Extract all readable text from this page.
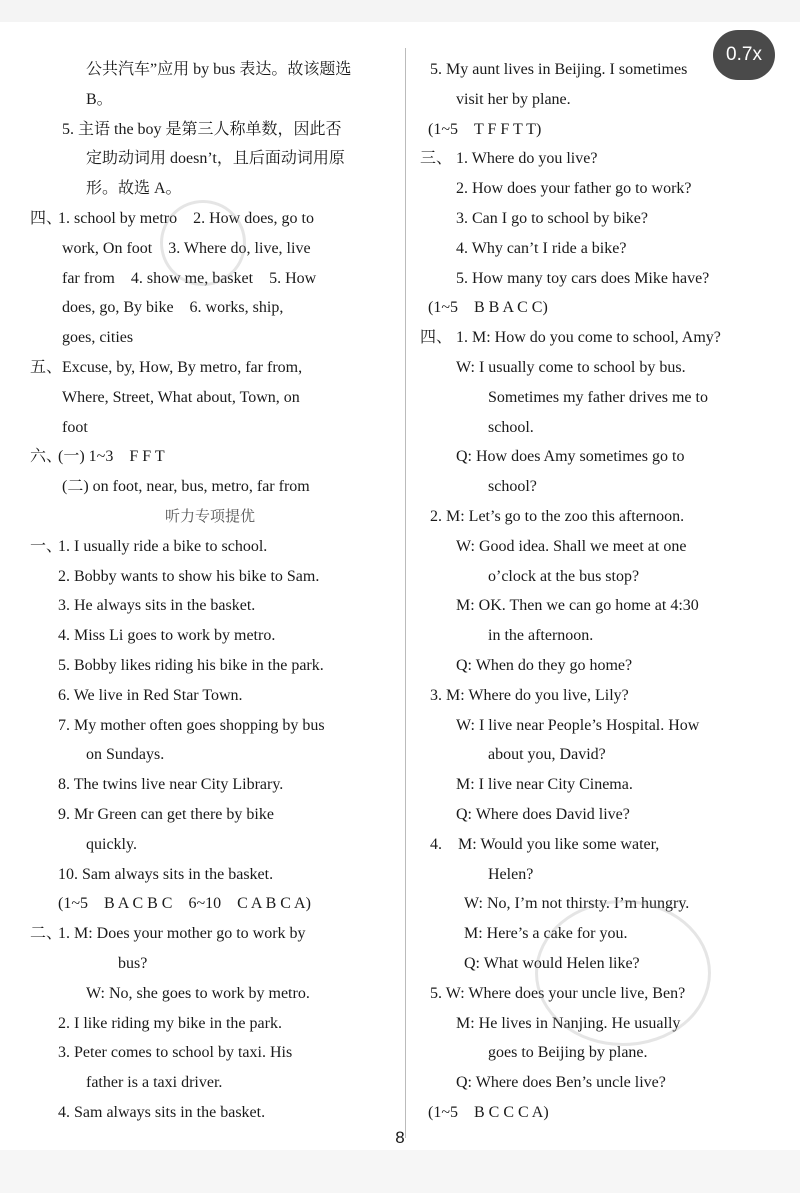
0.7x
公共汽车”应用 by bus 表达。故该题选
B。
5. 主语 the boy 是第三人称单数，因此否
定助动词用 doesn’t，且后面动词用原
形。故选 A。
四、
1. school by metro　2. How does, go to
work, On foot　3. Where do, live, live
far from　4. show me, basket　5. How
does, go, By bike　6. works, ship,
goes, cities
五、 Excuse, by, How, By metro, far from,
Where, Street, What about, Town, on
foot
六、
(一) 1~3　F F T
(二) on foot, near, bus, metro, far from
听力专项提优
一、
1. I usually ride a bike to school.
2. Bobby wants to show his bike to Sam.
3. He always sits in the basket.
4. Miss Li goes to work by metro.
5. Bobby likes riding his bike in the park.
6. We live in Red Star Town.
7. My mother often goes shopping by bus
on Sundays.
8. The twins live near City Library.
9. Mr Green can get there by bike
quickly.
10. Sam always sits in the basket.
(1~5　B A C B C　6~10　C A B C A)
二、
1. M: Does your mother go to work by
bus?
W: No, she goes to work by metro.
2. I like riding my bike in the park.
3. Peter comes to school by taxi. His
father is a taxi driver.
4. Sam always sits in the basket.
5. My aunt lives in Beijing. I sometimes
visit her by plane.
(1~5　T F F T T)
三、 1. Where do you live?
2. How does your father go to work?
3. Can I go to school by bike?
4. Why can’t I ride a bike?
5. How many toy cars does Mike have?
(1~5　B B A C C)
四、 1. M: How do you come to school, Amy?
W: I usually come to school by bus.
Sometimes my father drives me to
school.
Q: How does Amy sometimes go to
school?
2. M: Let’s go to the zoo this afternoon.
W: Good idea. Shall we meet at one
o’clock at the bus stop?
M: OK. Then we can go home at 4:30
in the afternoon.
Q: When do they go home?
3. M: Where do you live, Lily?
W: I live near People’s Hospital. How
about you, David?
M: I live near City Cinema.
Q: Where does David live?
4.　M: Would you like some water,
Helen?
W: No, I’m not thirsty. I’m hungry.
M: Here’s a cake for you.
Q: What would Helen like?
5. W: Where does your uncle live, Ben?
M: He lives in Nanjing. He usually
goes to Beijing by plane.
Q: Where does Ben’s uncle live?
(1~5　B C C C A)
8
